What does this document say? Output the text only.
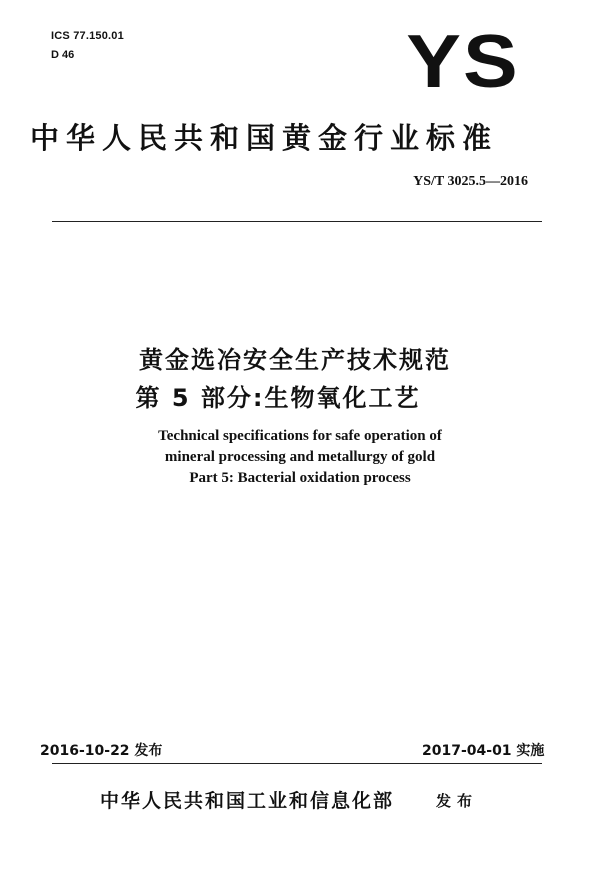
ICS 77.150.01
D 46	YS
中华人民共和国黄金行业标准
YS/T 3025.5—2016
黄金选冶安全生产技术规范
第 5 部分:生物氧化工艺
Technical specifications for safe operation of
mineral processing and metallurgy of gold
Part 5: Bacterial oxidation process
2016-10-22 发布	2017-04-01 实施
中华人民共和国工业和信息化部	发布
